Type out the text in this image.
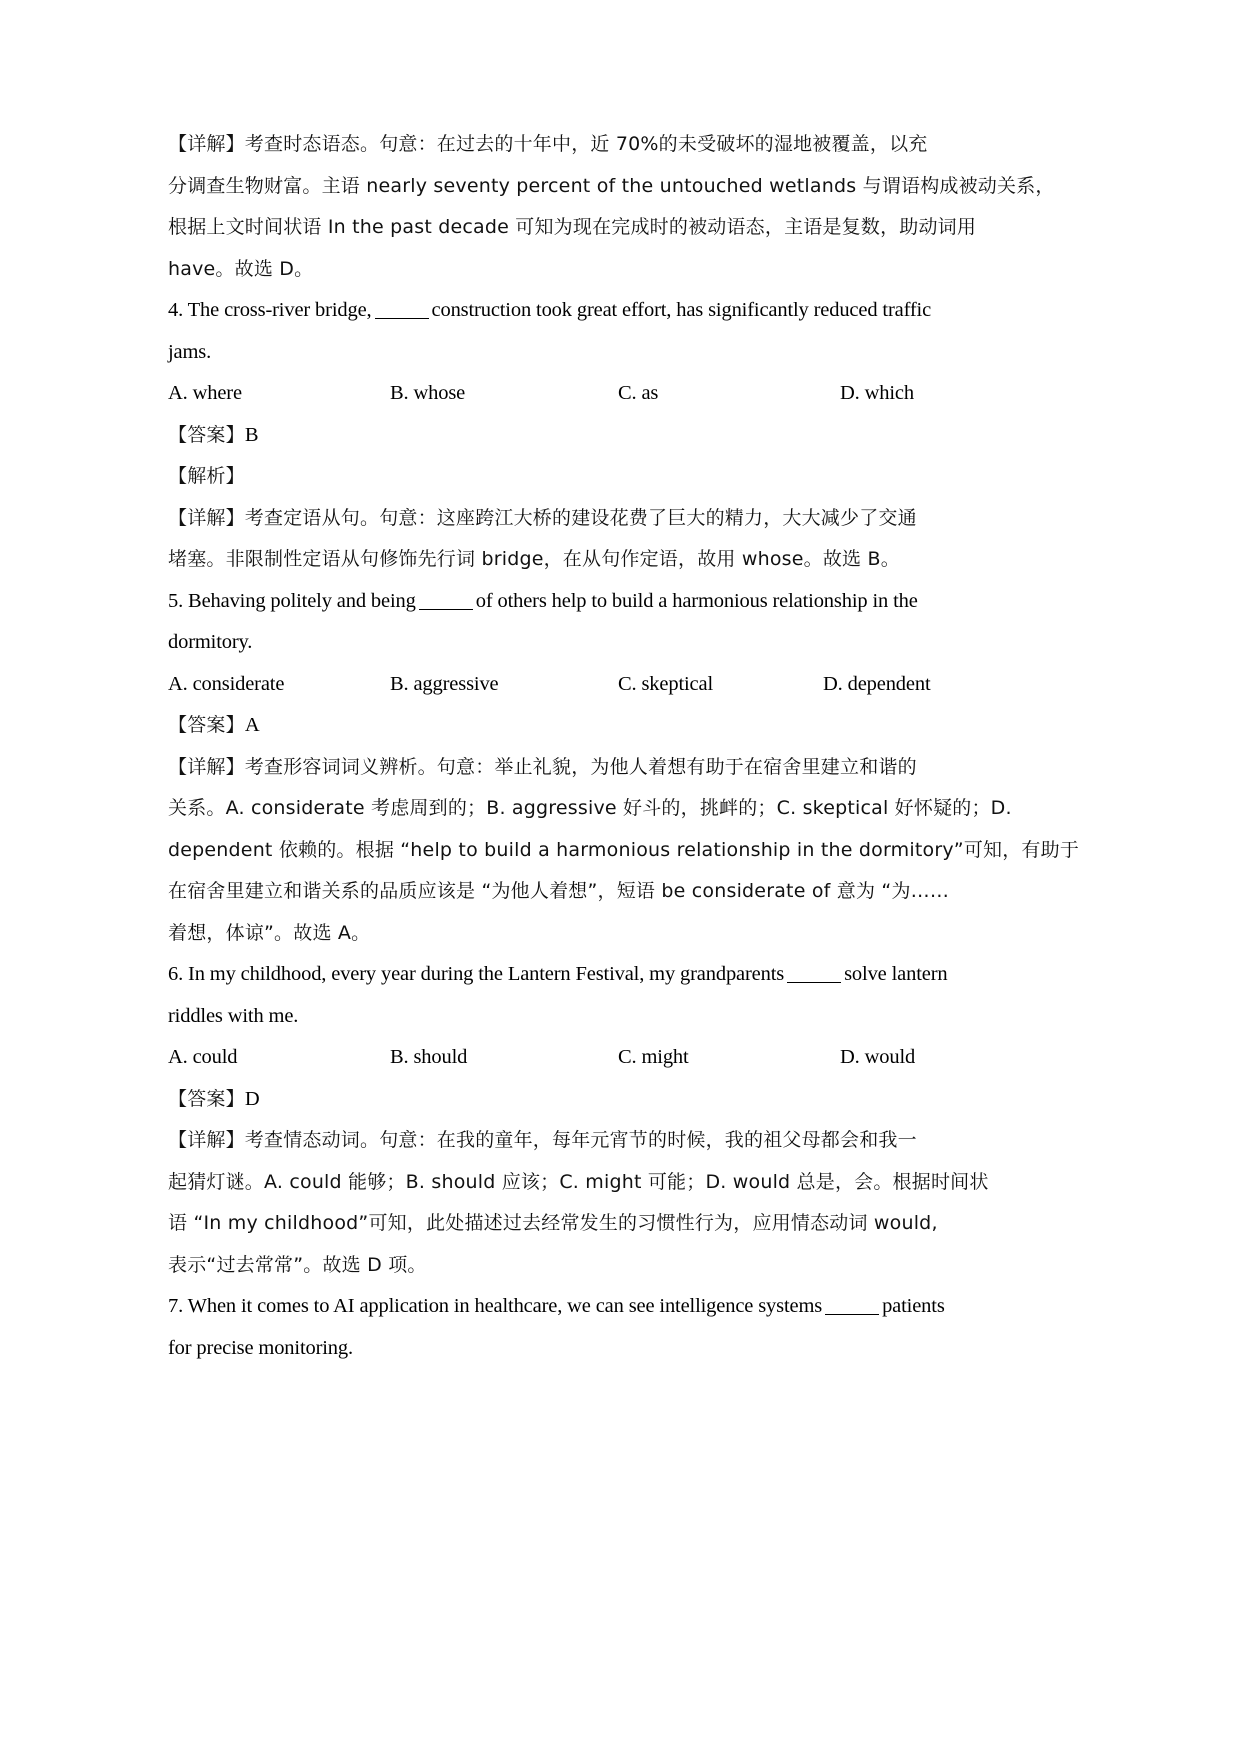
【详解】考查时态语态。句意：在过去的十年中，近 70%的未受破坏的湿地被覆盖，以充
分调查生物财富。主语 nearly seventy percent of the untouched wetlands 与谓语构成被动关系，
根据上文时间状语 In the past decade 可知为现在完成时的被动语态，主语是复数，助动词用
have。故选 D。
4. The cross-river bridge,	construction took great effort, has significantly reduced traffic
jams.
A. where	B. whose	C. as	D. which
【答案】B
【解析】
【详解】考查定语从句。句意：这座跨江大桥的建设花费了巨大的精力，大大减少了交通
堵塞。非限制性定语从句修饰先行词 bridge，在从句作定语，故用 whose。故选 B。
5. Behaving politely and being	of others help to build a harmonious relationship in the
dormitory.
A. considerate	B. aggressive	C. skeptical	D. dependent
【答案】A
【详解】考查形容词词义辨析。句意：举止礼貌，为他人着想有助于在宿舍里建立和谐的
关系。A. considerate 考虑周到的；B. aggressive 好斗的，挑衅的；C. skeptical 好怀疑的；D.
dependent 依赖的。根据 “help to build a harmonious relationship in the dormitory”可知，有助于
在宿舍里建立和谐关系的品质应该是 “为他人着想”，短语 be considerate of 意为 “为……
着想，体谅”。故选 A。
6. In my childhood, every year during the Lantern Festival, my grandparents	solve lantern
riddles with me.
A. could	B. should	C. might	D. would
【答案】D
【详解】考查情态动词。句意：在我的童年，每年元宵节的时候，我的祖父母都会和我一
起猜灯谜。A. could 能够；B. should 应该；C. might 可能；D. would 总是，会。根据时间状
语 “In my childhood”可知，此处描述过去经常发生的习惯性行为，应用情态动词 would,
表示“过去常常”。故选 D 项。
7. When it comes to AI application in healthcare, we can see intelligence systems	patients
for precise monitoring.
